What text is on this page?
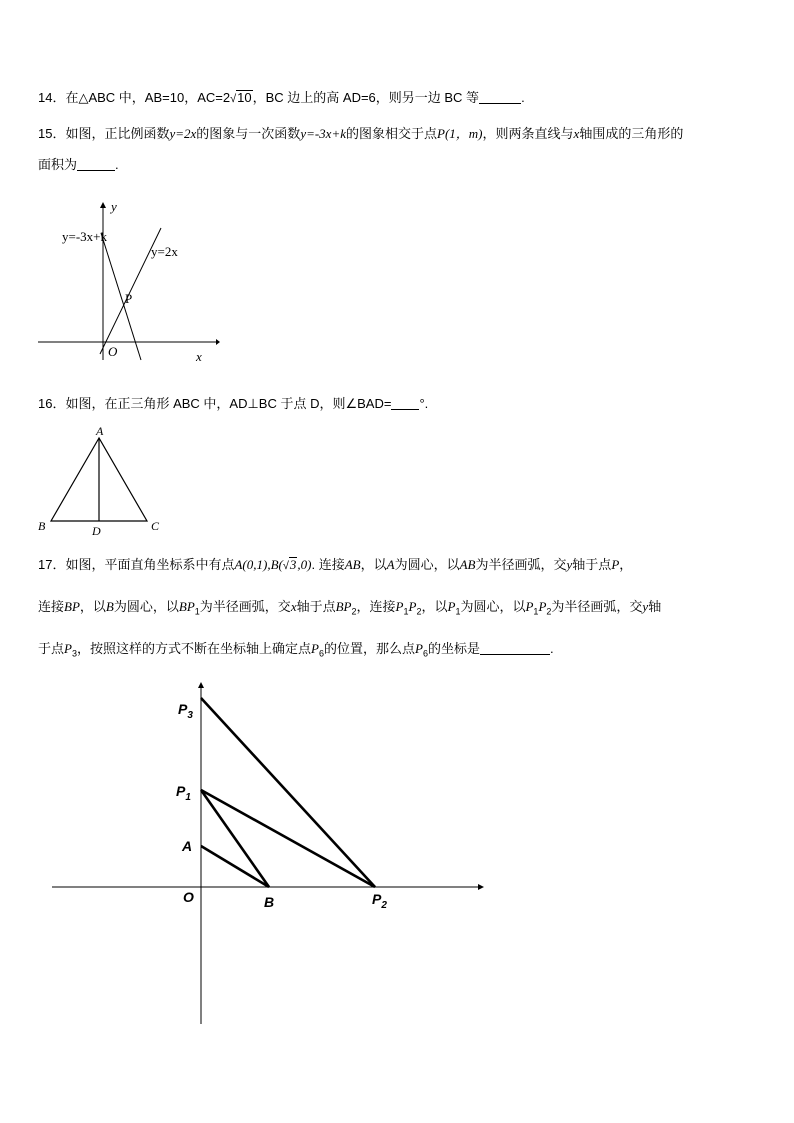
14．在△ABC 中，AB=10，AC=2√10，BC 边上的高 AD=6，则另一边 BC 等	.
15．如图，正比例函数y=2x的图象与一次函数y=-3x+k的图象相交于点P(1，m)，则两条直线与x轴围成的三角形的
面积为	.
y
x
O
y=-3x+k
y=2x
P
16．如图，在正三角形 ABC 中，AD⊥BC 于点 D，则∠BAD= °.
A
B	C
D
17．如图，平面直角坐标系中有点A(0,1),B(√3,0). 连接AB，以A为圆心，以AB为半径画弧，交y轴于点P，
连接BP，以B为圆心，以$BP_1$为半径画弧，交x轴于点$BP_2$，连接$P_1P_2$，以$P_1$为圆心，以$P_1P_2$为半径画弧，交y轴
于点$P_3$，按照这样的方式不断在坐标轴上确定点$P_6$的位置，那么点$P_6$的坐标是	.
$P_3$
$P_1$
A
O	B	$P_2$
